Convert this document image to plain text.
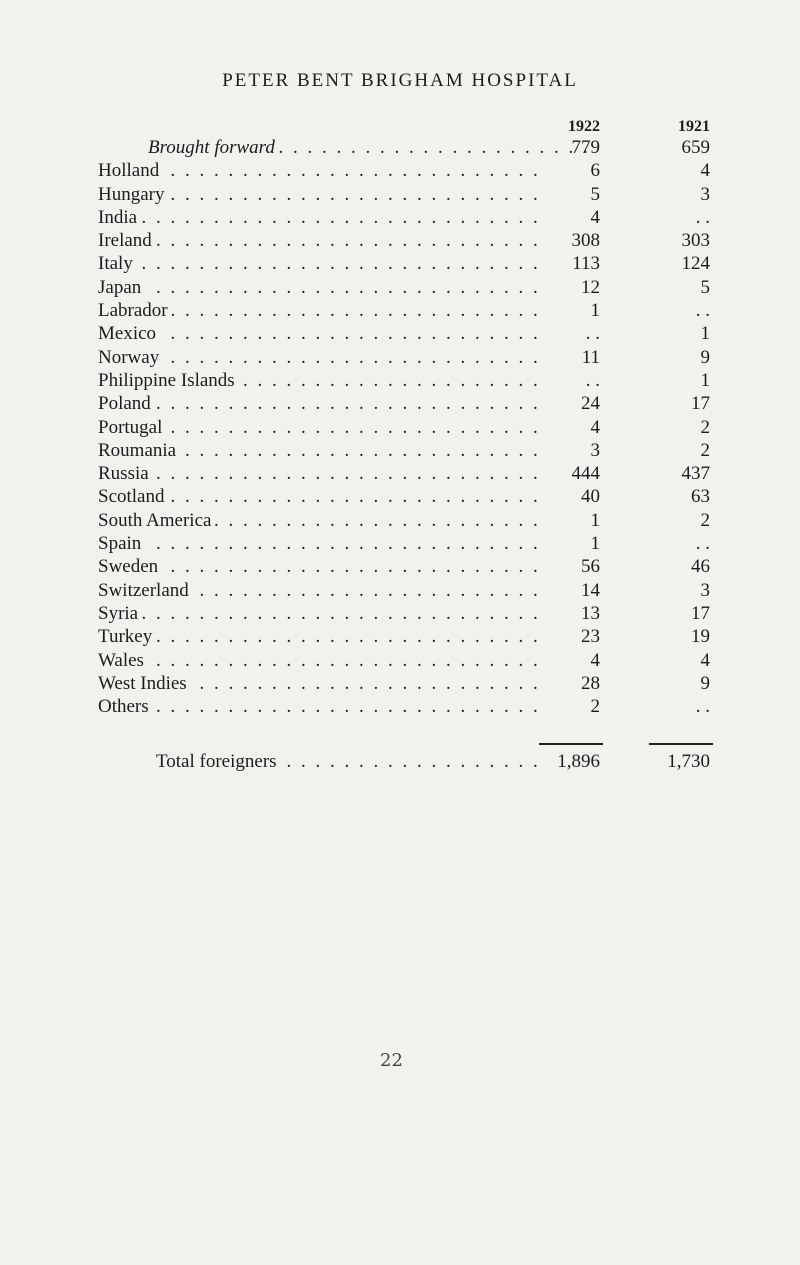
PETER BENT BRIGHAM HOSPITAL
1922	1921
Brought forward . . .	779	659
Holland . . .	6	4
Hungary . . .	5	3
India . . .	4	. .
Ireland . . .	308	303
Italy . . .	113	124
Japan . . .	12	5
Labrador . . .	1	. .
Mexico . . .	. .	1
Norway . . .	11	9
Philippine Islands . . .	. .	1
Poland . . .	24	17
Portugal . . .	4	2
Roumania . . .	3	2
Russia . . .	444	437
Scotland . . .	40	63
South America . . .	1	2
Spain . . .	1	. .
Sweden . . .	56	46
Switzerland . . .	14	3
Syria . . .	13	17
Turkey . . .	23	19
Wales . . .	4	4
West Indies . . .	28	9
Others . . .	2	. .
Total foreigners . . .	1,896	1,730
22
